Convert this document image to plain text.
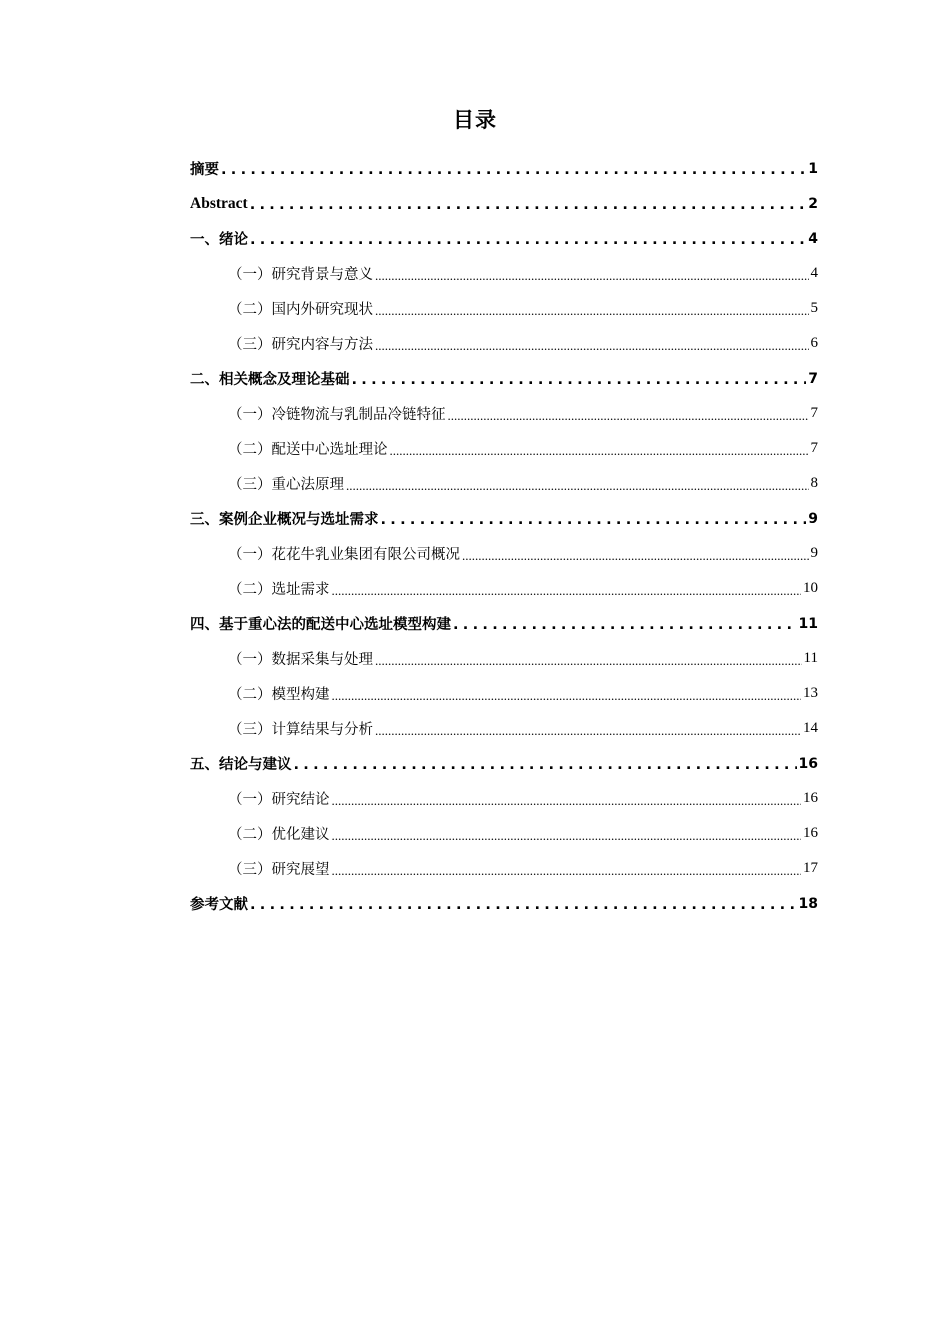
目录
摘要 .....	1
Abstract .....	2
一、绪论 .....	4
（一）研究背景与意义 .....	4
（二）国内外研究现状 .....	5
（三）研究内容与方法 .....	6
二、相关概念及理论基础 .....	7
（一）冷链物流与乳制品冷链特征 .....	7
（二）配送中心选址理论 .....	7
（三）重心法原理 .....	8
三、案例企业概况与选址需求 .....	9
（一）花花牛乳业集团有限公司概况 .....	9
（二）选址需求 .....	10
四、基于重心法的配送中心选址模型构建 .....	11
（一）数据采集与处理 .....	11
（二）模型构建 .....	13
（三）计算结果与分析 .....	14
五、结论与建议 .....	16
（一）研究结论 .....	16
（二）优化建议 .....	16
（三）研究展望 .....	17
参考文献 .....	18
